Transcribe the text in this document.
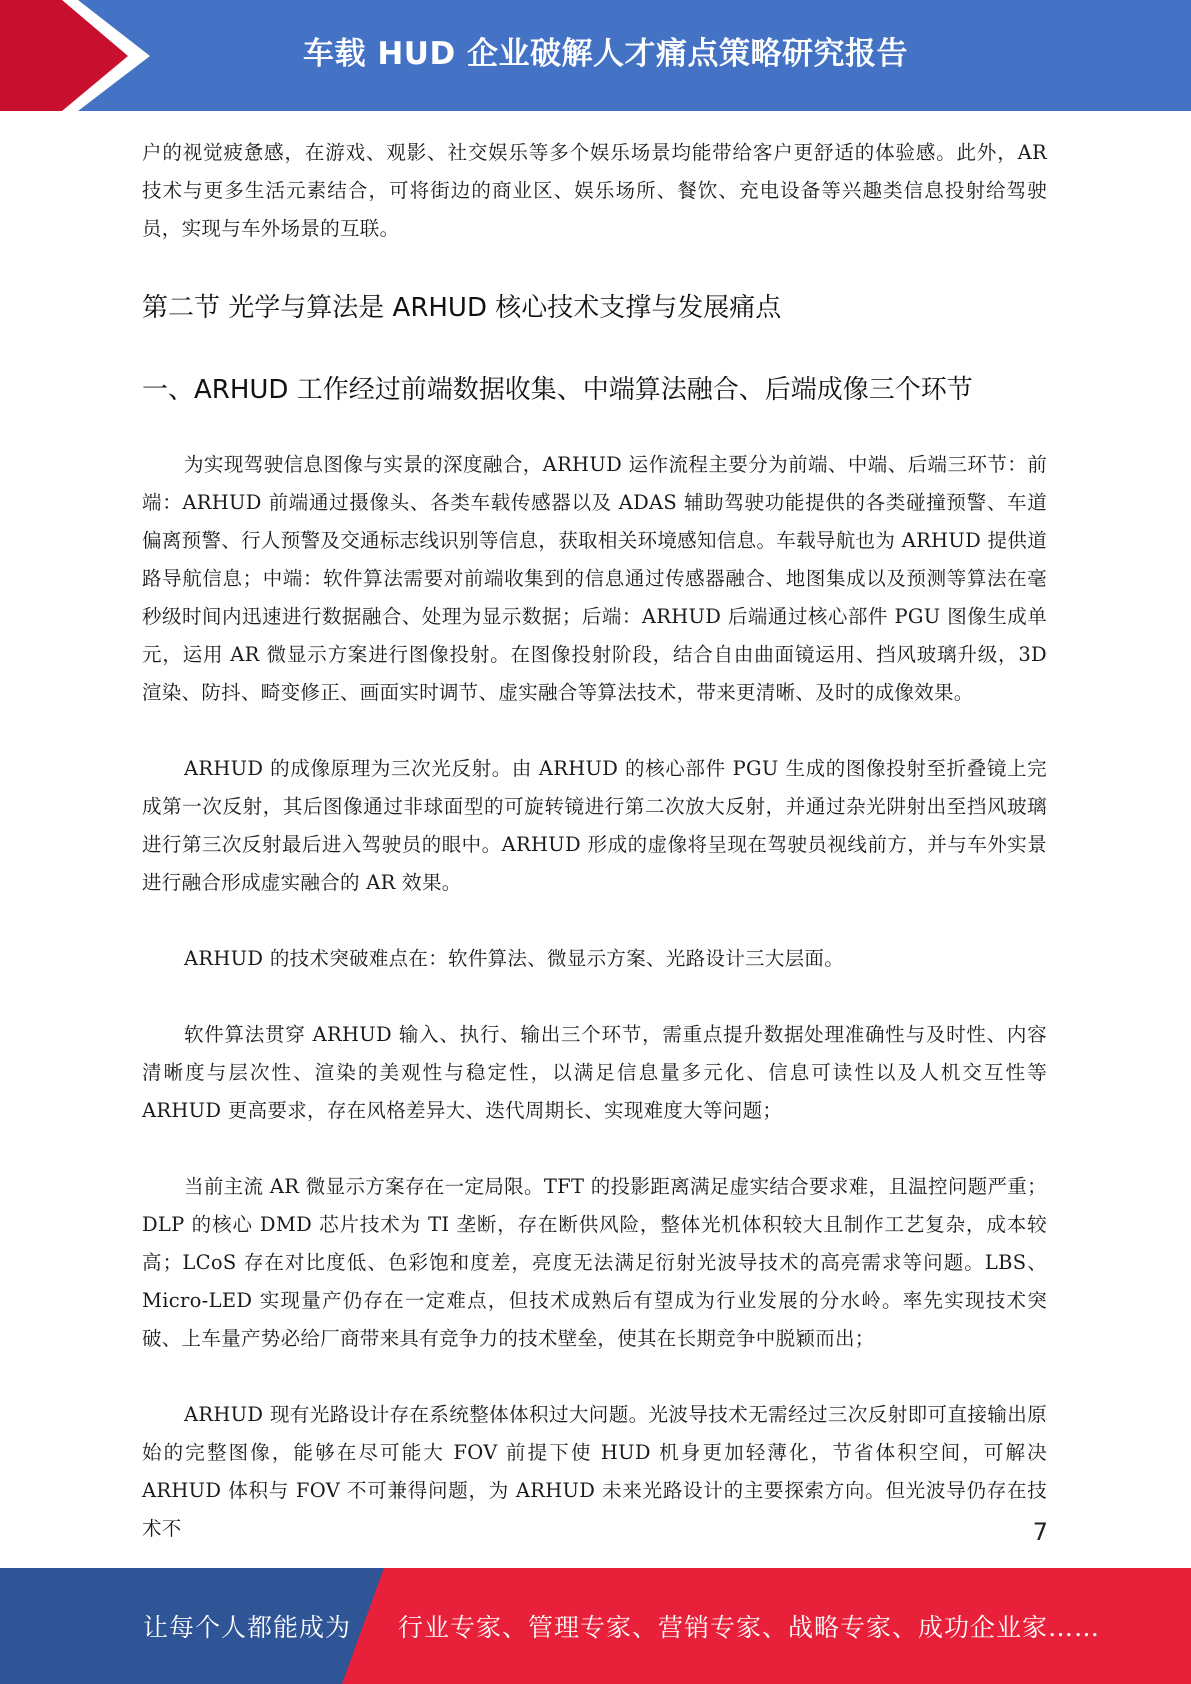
车载 HUD 企业破解人才痛点策略研究报告

户的视觉疲惫感，在游戏、观影、社交娱乐等多个娱乐场景均能带给客户更舒适的体验感。此外，AR 技术与更多生活元素结合，可将街边的商业区、娱乐场所、餐饮、充电设备等兴趣类信息投射给驾驶员，实现与车外场景的互联。

第二节 光学与算法是 ARHUD 核心技术支撑与发展痛点
一、ARHUD 工作经过前端数据收集、中端算法融合、后端成像三个环节

为实现驾驶信息图像与实景的深度融合，ARHUD 运作流程主要分为前端、中端、后端三环节：前端：ARHUD 前端通过摄像头、各类车载传感器以及 ADAS 辅助驾驶功能提供的各类碰撞预警、车道偏离预警、行人预警及交通标志线识别等信息，获取相关环境感知信息。车载导航也为 ARHUD 提供道路导航信息；中端：软件算法需要对前端收集到的信息通过传感器融合、地图集成以及预测等算法在毫秒级时间内迅速进行数据融合、处理为显示数据；后端：ARHUD 后端通过核心部件 PGU 图像生成单元，运用 AR 微显示方案进行图像投射。在图像投射阶段，结合自由曲面镜运用、挡风玻璃升级，3D 渲染、防抖、畸变修正、画面实时调节、虚实融合等算法技术，带来更清晰、及时的成像效果。

ARHUD 的成像原理为三次光反射。由 ARHUD 的核心部件 PGU 生成的图像投射至折叠镜上完成第一次反射，其后图像通过非球面型的可旋转镜进行第二次放大反射，并通过杂光阱射出至挡风玻璃进行第三次反射最后进入驾驶员的眼中。ARHUD 形成的虚像将呈现在驾驶员视线前方，并与车外实景进行融合形成虚实融合的 AR 效果。

ARHUD 的技术突破难点在：软件算法、微显示方案、光路设计三大层面。

软件算法贯穿 ARHUD 输入、执行、输出三个环节，需重点提升数据处理准确性与及时性、内容清晰度与层次性、渲染的美观性与稳定性，以满足信息量多元化、信息可读性以及人机交互性等 ARHUD 更高要求，存在风格差异大、迭代周期长、实现难度大等问题；

当前主流 AR 微显示方案存在一定局限。TFT 的投影距离满足虚实结合要求难，且温控问题严重；DLP 的核心 DMD 芯片技术为 TI 垄断，存在断供风险，整体光机体积较大且制作工艺复杂，成本较高；LCoS 存在对比度低、色彩饱和度差，亮度无法满足衍射光波导技术的高亮需求等问题。LBS、Micro-LED 实现量产仍存在一定难点，但技术成熟后有望成为行业发展的分水岭。率先实现技术突破、上车量产势必给厂商带来具有竞争力的技术壁垒，使其在长期竞争中脱颖而出；

ARHUD 现有光路设计存在系统整体体积过大问题。光波导技术无需经过三次反射即可直接输出原始的完整图像，能够在尽可能大 FOV 前提下使 HUD 机身更加轻薄化，节省体积空间，可解决 ARHUD 体积与 FOV 不可兼得问题，为 ARHUD 未来光路设计的主要探索方向。但光波导仍存在技术不	7
让每个人都能成为 行业专家、管理专家、营销专家、战略专家、成功企业家……
